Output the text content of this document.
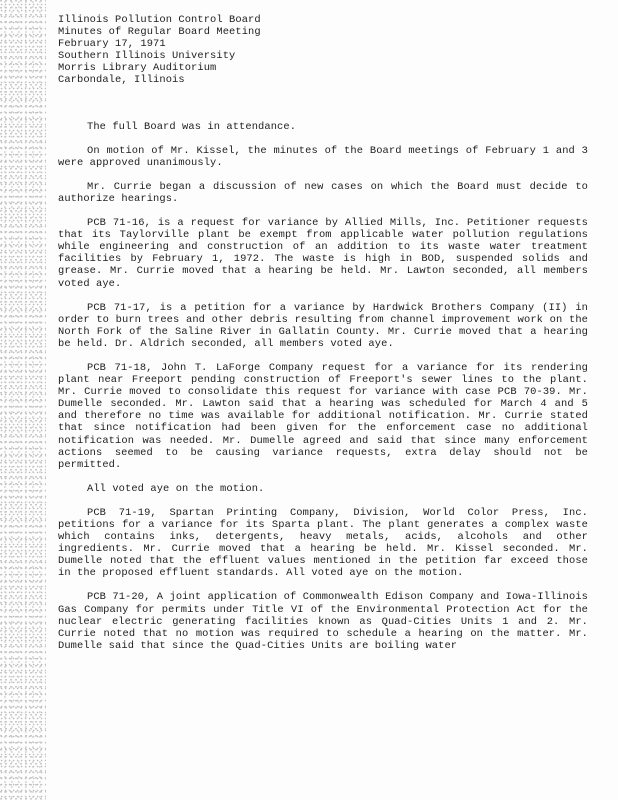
Illinois Pollution Control Board
Minutes of Regular Board Meeting
February 17, 1971
Southern Illinois University
Morris Library Auditorium
Carbondale, Illinois

The full Board was in attendance.

On motion of Mr. Kissel, the minutes of the Board meetings of February 1 and 3 were approved unanimously.

Mr. Currie began a discussion of new cases on which the Board must decide to authorize hearings.

PCB 71-16, is a request for variance by Allied Mills, Inc. Petitioner requests that its Taylorville plant be exempt from applicable water pollution regulations while engineering and construction of an addition to its waste water treatment facilities by February 1, 1972. The waste is high in BOD, suspended solids and grease. Mr. Currie moved that a hearing be held. Mr. Lawton seconded, all members voted aye.

PCB 71-17, is a petition for a variance by Hardwick Brothers Company (II) in order to burn trees and other debris resulting from channel improvement work on the North Fork of the Saline River in Gallatin County. Mr. Currie moved that a hearing be held. Dr. Aldrich seconded, all members voted aye.

PCB 71-18, John T. LaForge Company request for a variance for its rendering plant near Freeport pending construction of Freeport's sewer lines to the plant. Mr. Currie moved to consolidate this request for variance with case PCB 70-39. Mr. Dumelle seconded. Mr. Lawton said that a hearing was scheduled for March 4 and 5 and therefore no time was available for additional notification. Mr. Currie stated that since notification had been given for the enforcement case no additional notification was needed. Mr. Dumelle agreed and said that since many enforcement actions seemed to be causing variance requests, extra delay should not be permitted.

All voted aye on the motion.

PCB 71-19, Spartan Printing Company, Division, World Color Press, Inc. petitions for a variance for its Sparta plant. The plant generates a complex waste which contains inks, detergents, heavy metals, acids, alcohols and other ingredients. Mr. Currie moved that a hearing be held. Mr. Kissel seconded. Mr. Dumelle noted that the effluent values mentioned in the petition far exceed those in the proposed effluent standards. All voted aye on the motion.

PCB 71-20, A joint application of Commonwealth Edison Company and Iowa-Illinois Gas Company for permits under Title VI of the Environmental Protection Act for the nuclear electric generating facilities known as Quad-Cities Units 1 and 2. Mr. Currie noted that no motion was required to schedule a hearing on the matter. Mr. Dumelle said that since the Quad-Cities Units are boiling water
